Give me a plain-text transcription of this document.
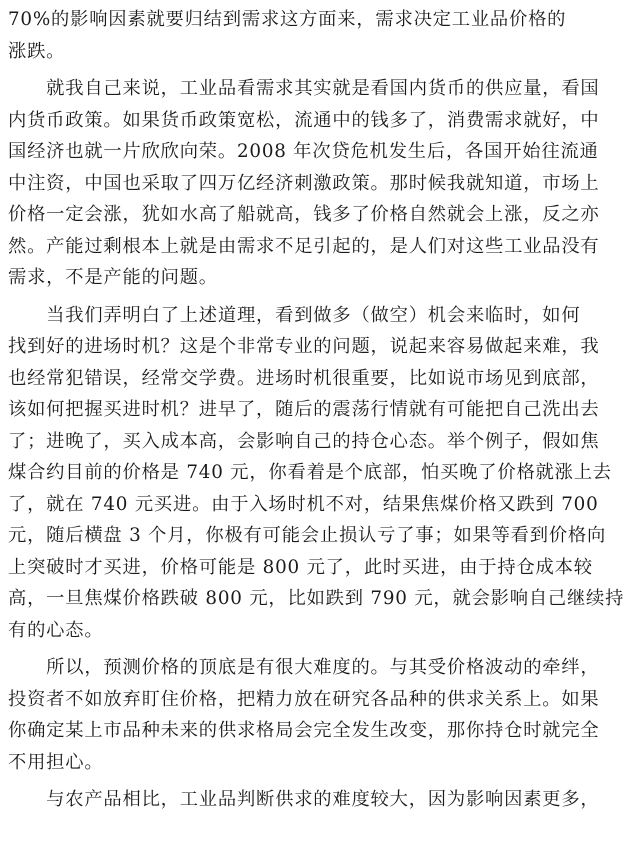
70%的影响因素就要归结到需求这方面来，需求决定工业品价格的
涨跌。
　　就我自己来说，工业品看需求其实就是看国内货币的供应量，看国
内货币政策。如果货币政策宽松，流通中的钱多了，消费需求就好，中
国经济也就一片欣欣向荣。2008 年次贷危机发生后，各国开始往流通
中注资，中国也采取了四万亿经济刺激政策。那时候我就知道，市场上
价格一定会涨，犹如水高了船就高，钱多了价格自然就会上涨，反之亦
然。产能过剩根本上就是由需求不足引起的，是人们对这些工业品没有
需求，不是产能的问题。
　　当我们弄明白了上述道理，看到做多（做空）机会来临时，如何
找到好的进场时机？这是个非常专业的问题，说起来容易做起来难，我
也经常犯错误，经常交学费。进场时机很重要，比如说市场见到底部，
该如何把握买进时机？进早了，随后的震荡行情就有可能把自己洗出去
了；进晚了，买入成本高，会影响自己的持仓心态。举个例子，假如焦
煤合约目前的价格是 740 元，你看着是个底部，怕买晚了价格就涨上去
了，就在 740 元买进。由于入场时机不对，结果焦煤价格又跌到 700
元，随后横盘 3 个月，你极有可能会止损认亏了事；如果等看到价格向
上突破时才买进，价格可能是 800 元了，此时买进，由于持仓成本较
高，一旦焦煤价格跌破 800 元，比如跌到 790 元，就会影响自己继续持
有的心态。
　　所以，预测价格的顶底是有很大难度的。与其受价格波动的牵绊，
投资者不如放弃盯住价格，把精力放在研究各品种的供求关系上。如果
你确定某上市品种未来的供求格局会完全发生改变，那你持仓时就完全
不用担心。
　　与农产品相比，工业品判断供求的难度较大，因为影响因素更多，
